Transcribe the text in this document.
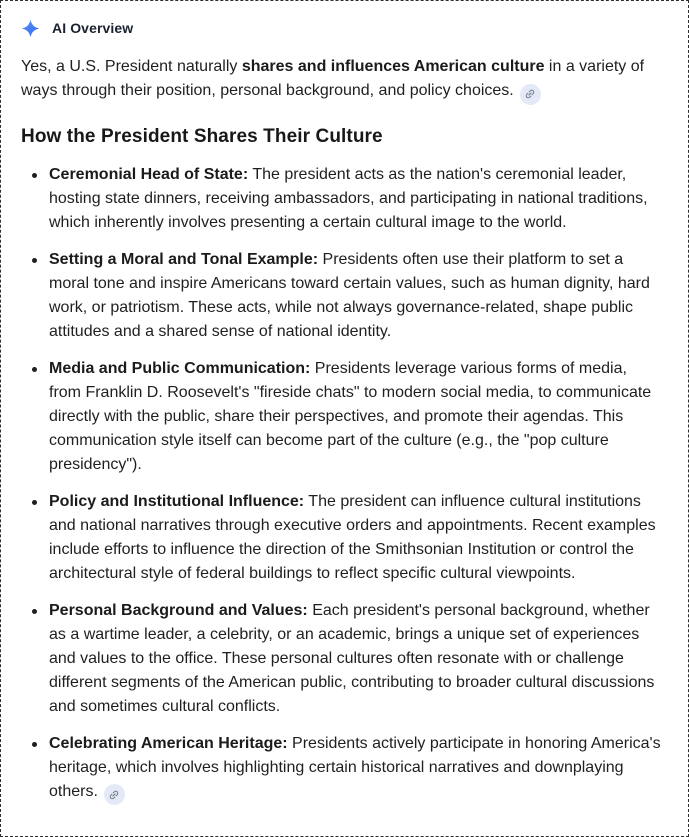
AI Overview

Yes, a U.S. President naturally shares and influences American culture in a variety of ways through their position, personal background, and policy choices.

How the President Shares Their Culture
Ceremonial Head of State: The president acts as the nation's ceremonial leader, hosting state dinners, receiving ambassadors, and participating in national traditions, which inherently involves presenting a certain cultural image to the world.
Setting a Moral and Tonal Example: Presidents often use their platform to set a moral tone and inspire Americans toward certain values, such as human dignity, hard work, or patriotism. These acts, while not always governance-related, shape public attitudes and a shared sense of national identity.
Media and Public Communication: Presidents leverage various forms of media, from Franklin D. Roosevelt's "fireside chats" to modern social media, to communicate directly with the public, share their perspectives, and promote their agendas. This communication style itself can become part of the culture (e.g., the "pop culture presidency").
Policy and Institutional Influence: The president can influence cultural institutions and national narratives through executive orders and appointments. Recent examples include efforts to influence the direction of the Smithsonian Institution or control the architectural style of federal buildings to reflect specific cultural viewpoints.
Personal Background and Values: Each president's personal background, whether as a wartime leader, a celebrity, or an academic, brings a unique set of experiences and values to the office. These personal cultures often resonate with or challenge different segments of the American public, contributing to broader cultural discussions and sometimes cultural conflicts.
Celebrating American Heritage: Presidents actively participate in honoring America's heritage, which involves highlighting certain historical narratives and downplaying others.
